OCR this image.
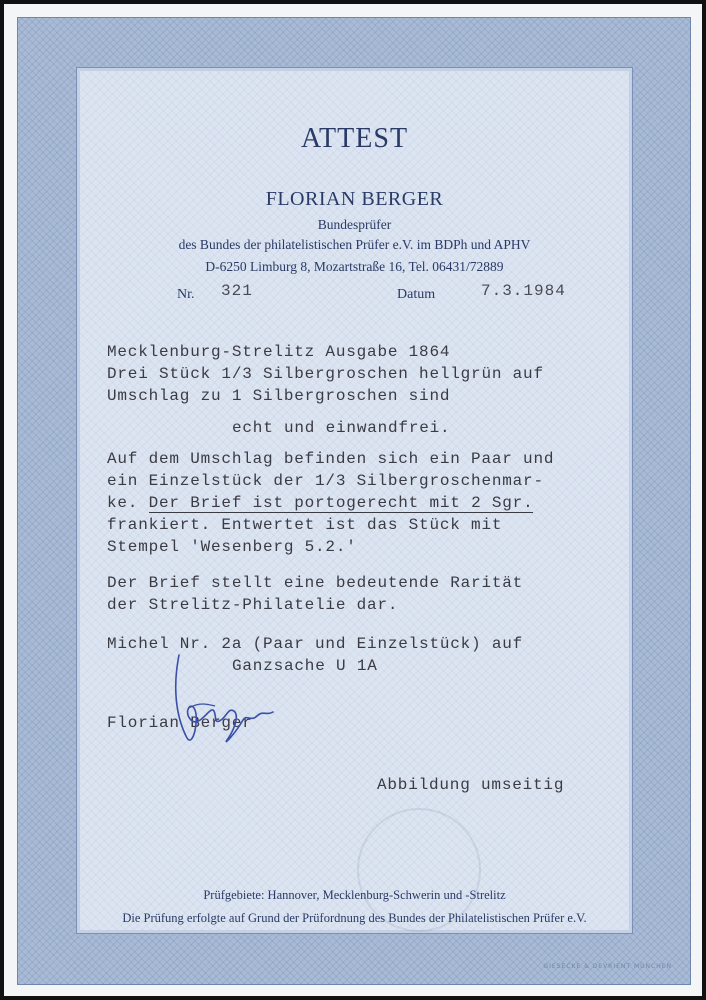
ATTEST
FLORIAN BERGER
Bundesprüfer
des Bundes der philatelistischen Prüfer e.V. im BDPh und APHV
D-6250 Limburg 8, Mozartstraße 16, Tel. 06431/72889
Nr. 321	Datum	7.3.1984
Mecklenburg-Strelitz Ausgabe 1864
Drei Stück 1/3 Silbergroschen hellgrün auf
Umschlag zu 1 Silbergroschen sind
echt und einwandfrei.
Auf dem Umschlag befinden sich ein Paar und
ein Einzelstück der 1/3 Silbergroschenmar-
ke. Der Brief ist portogerecht mit 2 Sgr.
frankiert. Entwertet ist das Stück mit
Stempel 'Wesenberg 5.2.'
Der Brief stellt eine bedeutende Rarität
der Strelitz-Philatelie dar.
Michel Nr. 2a (Paar und Einzelstück) auf
Ganzsache U 1A
Florian Berger
Abbildung umseitig
Prüfgebiete: Hannover, Mecklenburg-Schwerin und -Strelitz
Die Prüfung erfolgte auf Grund der Prüfordnung des Bundes der Philatelistischen Prüfer e.V.
GIESECKE & DEVRIENT MÜNCHEN
